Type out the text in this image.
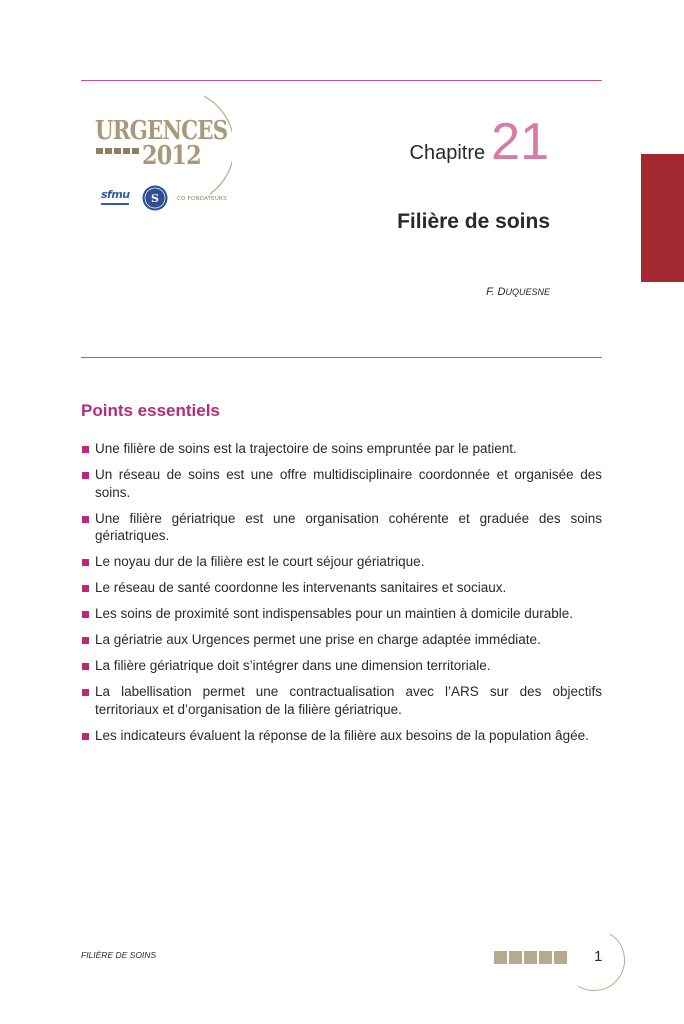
URGENCES
2012
sfmu S	CO FONDATEURS
Chapitre 21
Filière de soins
F. DUQUESNE
Points essentiels
Une filière de soins est la trajectoire de soins empruntée par le patient.
Un réseau de soins est une offre multidisciplinaire coordonnée et organisée des soins.
Une filière gériatrique est une organisation cohérente et graduée des soins gériatriques.
Le noyau dur de la filière est le court séjour gériatrique.
Le réseau de santé coordonne les intervenants sanitaires et sociaux.
Les soins de proximité sont indispensables pour un maintien à domicile durable.
La gériatrie aux Urgences permet une prise en charge adaptée immédiate.
La filière gériatrique doit s’intégrer dans une dimension territoriale.
La labellisation permet une contractualisation avec l’ARS sur des objectifs territoriaux et d’organisation de la filière gériatrique.
Les indicateurs évaluent la réponse de la filière aux besoins de la population âgée.
FILIÈRE DE SOINS	1
